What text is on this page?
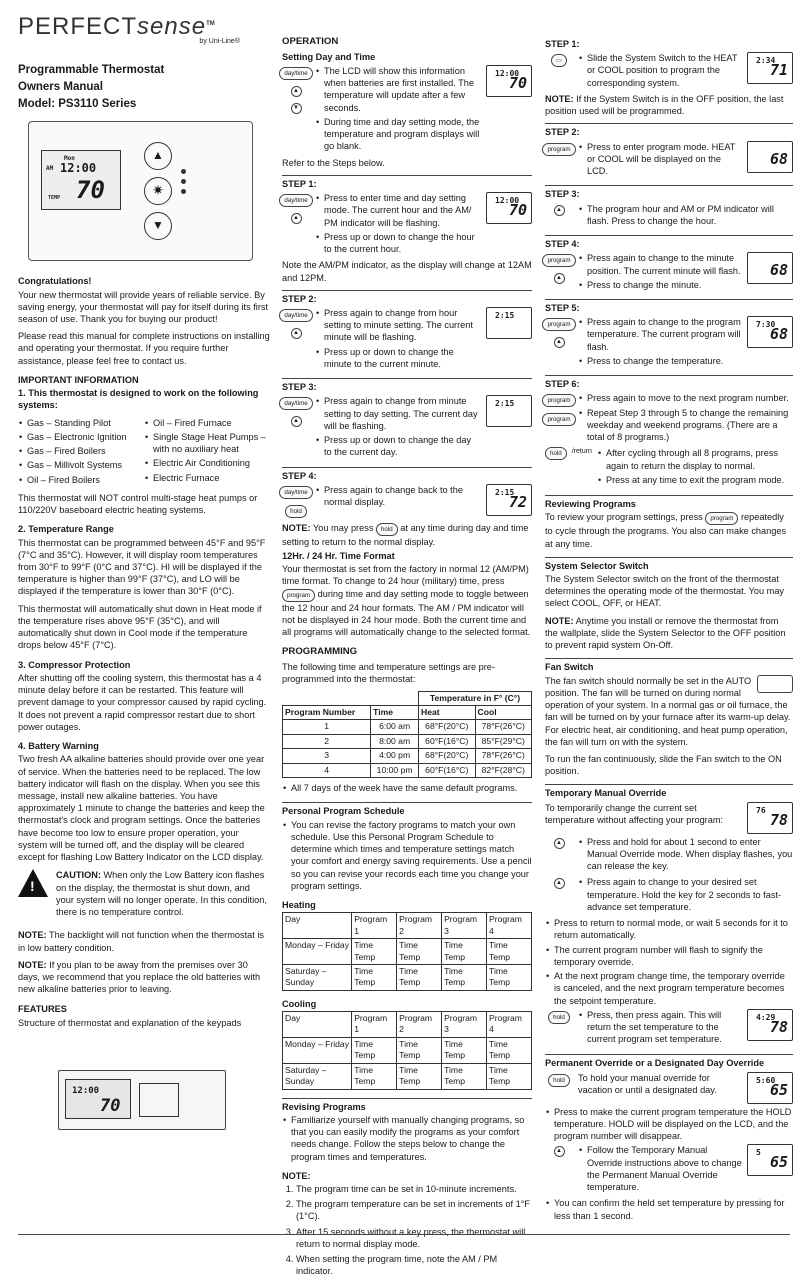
PERFECTsense™
by Uni-Line®
Programmable Thermostat
Owners Manual
Model: PS3110 Series
Mon
AM 12:00
70
TEMP
▲
✷
▼

Congratulations!

Your new thermostat will provide years of reliable service. By saving energy, your thermostat will pay for itself during its first season of use. Thank you for buying our product!

Please read this manual for complete instructions on installing and operating your thermostat. If you require further assistance, please feel free to contact us.

IMPORTANT INFORMATION

1. This thermostat is designed to work on the following systems:

• Gas – Standing Pilot
• Gas – Electronic Ignition
• Gas – Fired Boilers
• Gas – Millivolt Systems
• Oil – Fired Boilers
• Oil – Fired Furnace
• Single Stage Heat Pumps – with no auxiliary heat
• Electric Air Conditioning
• Electric Furnace

This thermostat will NOT control multi-stage heat pumps or 110/220V baseboard electric heating systems.

2. Temperature Range

This thermostat can be programmed between 45°F and 95°F (7°C and 35°C). However, it will display room temperatures from 30°F to 99°F (0°C and 37°C). HI will be displayed if the temperature is higher than 99°F (37°C), and LO will be displayed if the temperature is lower than 30°F (0°C).

This thermostat will automatically shut down in Heat mode if the temperature rises above 95°F (35°C), and will automatically shut down in Cool mode if the temperature drops below 45°F (7°C).

3. Compressor Protection

After shutting off the cooling system, this thermostat has a 4 minute delay before it can be restarted. This feature will prevent damage to your compressor caused by rapid cycling. It does not prevent a rapid compressor restart due to short power outages.

4. Battery Warning

Two fresh AA alkaline batteries should provide over one year of service. When the batteries need to be replaced. The low battery indicator will flash on the display. When you see this message, install new alkaline batteries. You have approximately 1 minute to change the batteries and keep the thermostat's clock and program settings. Once the batteries have become too low to ensure proper operation, your system will be turned off, and the display will be cleared except for flashing Low Battery Indicator on the LCD display.

!

CAUTION: When only the Low Battery icon flashes on the display, the thermostat is shut down, and your system will no longer operate. In this condition, there is no temperature control.

NOTE: The backlight will not function when the thermostat is in low battery condition.

NOTE: If you plan to be away from the premises over 30 days, we recommend that you replace the old batteries with new alkaline batteries prior to leaving.

FEATURES

Structure of thermostat and explanation of the keypads

12:00
70

OPERATION

Setting Day and Time

day/time
▲
▼
• The LCD will show this information when batteries are first installed. The temperature will update after a few seconds.
• During time and day setting mode, the temperature and program displays will go blank.
12:00
70

Refer to the Steps below.

STEP 1:
day/time
▲
• Press to enter time and day setting mode. The current hour and the AM/ PM indicator will be flashing.
• Press up or down to change the hour to the current hour.
12:00
70

Note the AM/PM indicator, as the display will change at 12AM and 12PM.

STEP 2:
day/time
▲
• Press again to change from hour setting to minute setting. The current minute will be flashing.
• Press up or down to change the minute to the current minute.
2:15
STEP 3:
day/time
▲
• Press again to change from minute setting to day setting. The current day will be flashing.
• Press up or down to change the day to the current day.
2:15
STEP 4:
day/time
hold
• Press again to change back to the normal display.
2:15
72

NOTE: You may press hold at any time during day and time setting to return to the normal display.

12Hr. / 24 Hr. Time Format

Your thermostat is set from the factory in normal 12 (AM/PM) time format. To change to 24 hour (military) time, press program during time and day setting mode to toggle between the 12 hour and 24 hour formats. The AM / PM indicator will not be displayed in 24 hour mode. Both the current time and all programs will automatically change to the selected format.

PROGRAMMING

The following time and temperature settings are pre-programmed into the thermostat:

		Temperature in F° (C°)	
Program Number	Time	Heat	Cool
1	6:00 am	68°F(20°C)	78°F(26°C)
2	8:00 am	60°F(16°C)	85°F(29°C)
3	4:00 pm	68°F(20°C)	78°F(26°C)
4	10:00 pm	60°F(16°C)	82°F(28°C)
• All 7 days of the week have the same default programs.

Personal Program Schedule

• You can revise the factory programs to match your own schedule. Use this Personal Program Schedule to determine which times and temperature settings match your comfort and energy saving requirements. Use a pencil so you can revise your records each time you change your program settings.

Heating

Day	Program 1	Program 2	Program 3	Program 4
Monday – Friday	Time Temp	Time Temp	Time Temp	Time Temp
Saturday – Sunday	Time Temp	Time Temp	Time Temp	Time Temp

Cooling

Day	Program 1	Program 2	Program 3	Program 4
Monday – Friday	Time Temp	Time Temp	Time Temp	Time Temp
Saturday – Sunday	Time Temp	Time Temp	Time Temp	Time Temp

Revising Programs

• Familiarize yourself with manually changing programs, so that you can easily modify the programs as your comfort needs change. Follow the steps below to change the program times and temperatures.

NOTE:

1. The program time can be set in 10-minute increments.
2. The program temperature can be set in increments of 1°F (1°C).
3. After 15 seconds without a key press, the thermostat will return to normal display mode.
4. When setting the program time, note the AM / PM indicator.
STEP 1:
▭	• Slide the System Switch to the HEAT or COOL position to program the corresponding system.
2:34
71

NOTE: If the System Switch is in the OFF position, the last position used will be programmed.

STEP 2:
program	• Press to enter program mode. HEAT or COOL will be displayed on the LCD.
68
STEP 3:
▲	• The program hour and AM or PM indicator will flash. Press to change the hour.
STEP 4:
program
▲
• Press again to change to the minute position. The current minute will flash.
• Press to change the minute.
68
STEP 5:
program
▲
• Press again to change to the program temperature. The current program will flash.
• Press to change the temperature.
7:30
68
STEP 6:
program
program
• Press again to move to the next program number.
• Repeat Step 3 through 5 to change the remaining weekday and weekend programs. (There are a total of 8 programs.)
hold	/return • After cycling through all 8 programs, press again to return the display to normal.
• Press at any time to exit the program mode.

Reviewing Programs

To review your program settings, press program repeatedly to cycle through the programs. You also can make changes at any time.

System Selector Switch

The System Selector switch on the front of the thermostat determines the operating mode of the thermostat. You may select COOL, OFF, or HEAT.

NOTE: Anytime you install or remove the thermostat from the wallplate, slide the System Selector to the OFF position to prevent rapid system On-Off.

Fan Switch

The fan switch should normally be set in the AUTO position. The fan will be turned on during normal operation of your system. In a normal gas or oil furnace, the fan will be turned on by your furnace after its warm-up delay. For electric heat, air conditioning, and heat pump operation, the fan will turn on with the system.

To run the fan continuously, slide the Fan switch to the ON position.

Temporary Manual Override

To temporarily change the current set temperature without affecting your program:

76
78
▲	• Press and hold for about 1 second to enter Manual Override mode. When display flashes, you can release the key.
▲	• Press again to change to your desired set temperature. Hold the key for 2 seconds to fast-advance set temperature.
• Press to return to normal mode, or wait 5 seconds for it to return automatically.
• The current program number will flash to signify the temporary override.
• At the next program change time, the temporary override is canceled, and the next program temperature becomes the setpoint temperature.
hold	• Press, then press again. This will return the set temperature to the current program set temperature.
4:29
78

Permanent Override or a Designated Day Override

hold	To hold your manual override for vacation or until a designated day.

5:60
65
• Press to make the current program temperature the HOLD temperature. HOLD will be displayed on the LCD, and the program number will disappear.
▲	• Follow the Temporary Manual Override instructions above to change the Permanent Manual Override temperature.
5
65
• You can confirm the held set temperature by pressing for less than 1 second.
